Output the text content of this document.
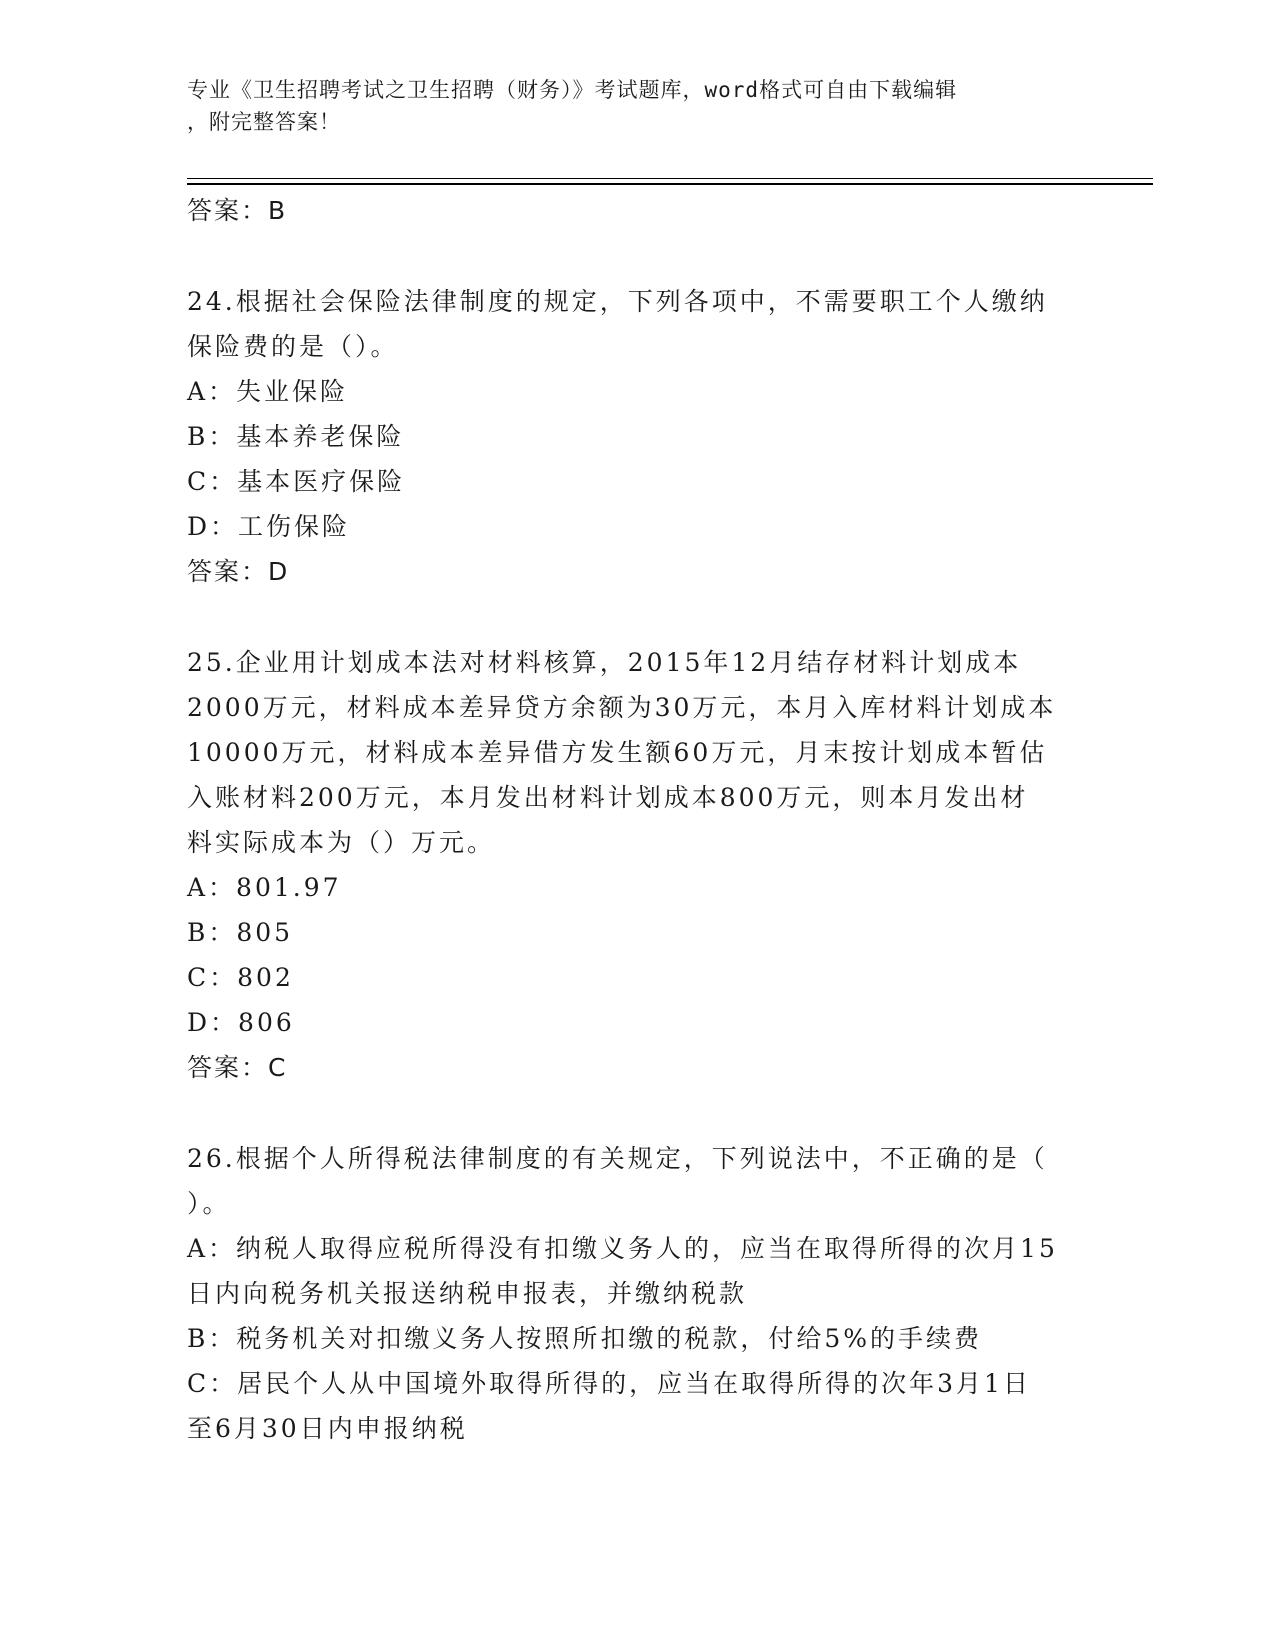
专业《卫生招聘考试之卫生招聘（财务）》考试题库，word格式可自由下载编辑
，附完整答案！
答案：B
24.根据社会保险法律制度的规定，下列各项中，不需要职工个人缴纳
保险费的是（）。
A：失业保险
B：基本养老保险
C：基本医疗保险
D：工伤保险
答案：D
25.企业用计划成本法对材料核算，2015年12月结存材料计划成本
2000万元，材料成本差异贷方余额为30万元，本月入库材料计划成本
10000万元，材料成本差异借方发生额60万元，月末按计划成本暂估
入账材料200万元，本月发出材料计划成本800万元，则本月发出材
料实际成本为（）万元。
A：801.97
B：805
C：802
D：806
答案：C
26.根据个人所得税法律制度的有关规定，下列说法中，不正确的是（
）。
A：纳税人取得应税所得没有扣缴义务人的，应当在取得所得的次月15
日内向税务机关报送纳税申报表，并缴纳税款
B：税务机关对扣缴义务人按照所扣缴的税款，付给5%的手续费
C：居民个人从中国境外取得所得的，应当在取得所得的次年3月1日
至6月30日内申报纳税
